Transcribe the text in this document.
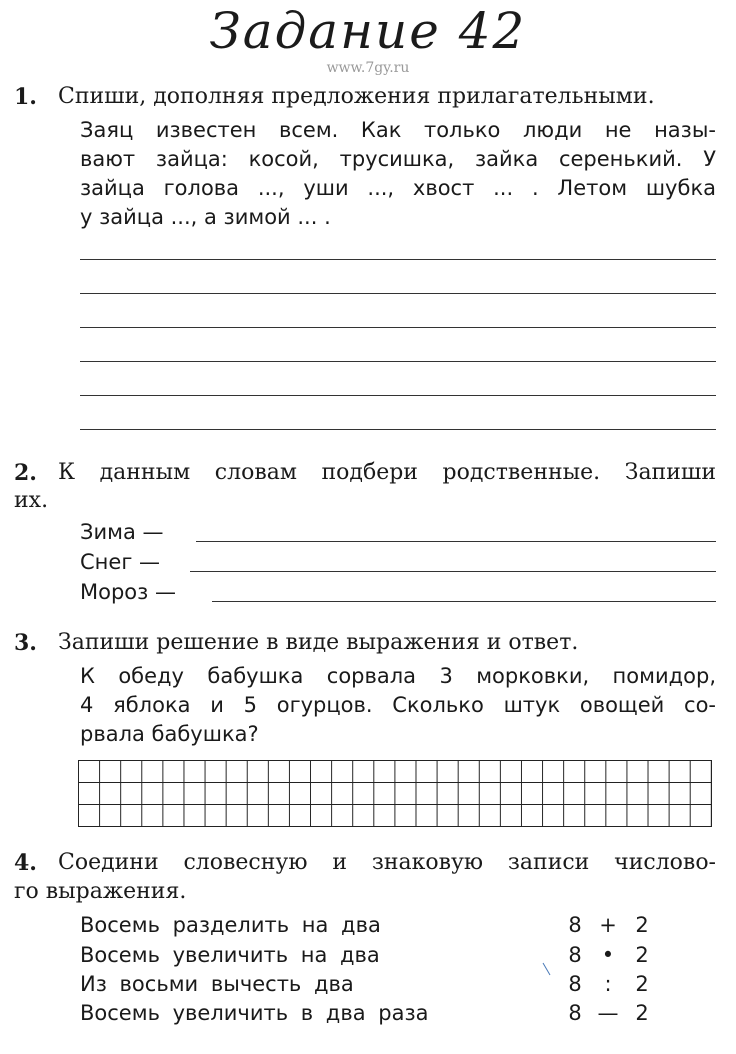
Задание 42
www.7gy.ru
1. Спиши, дополняя предложения прилагательными.
Заяц известен всем. Как только люди не назы-
вают зайца: косой, трусишка, зайка серенький. У
зайца голова ..., уши ..., хвост ... . Летом шубка
у зайца ..., а зимой ... .
2. К данным словам подбери родственные. Запиши
их.
Зима —
Снег —
Мороз —
3. Запиши решение в виде выражения и ответ.
К обеду бабушка сорвала 3 морковки, помидор,
4 яблока и 5 огурцов. Сколько штук овощей со-
рвала бабушка?
4. Соедини словесную и знаковую записи числово-
го выражения.
Восемь разделить на два	8 + 2
Восемь увеличить на два	8 • 2
Из восьми вычесть два	8	:	2
Восемь увеличить в два раза	8 — 2
